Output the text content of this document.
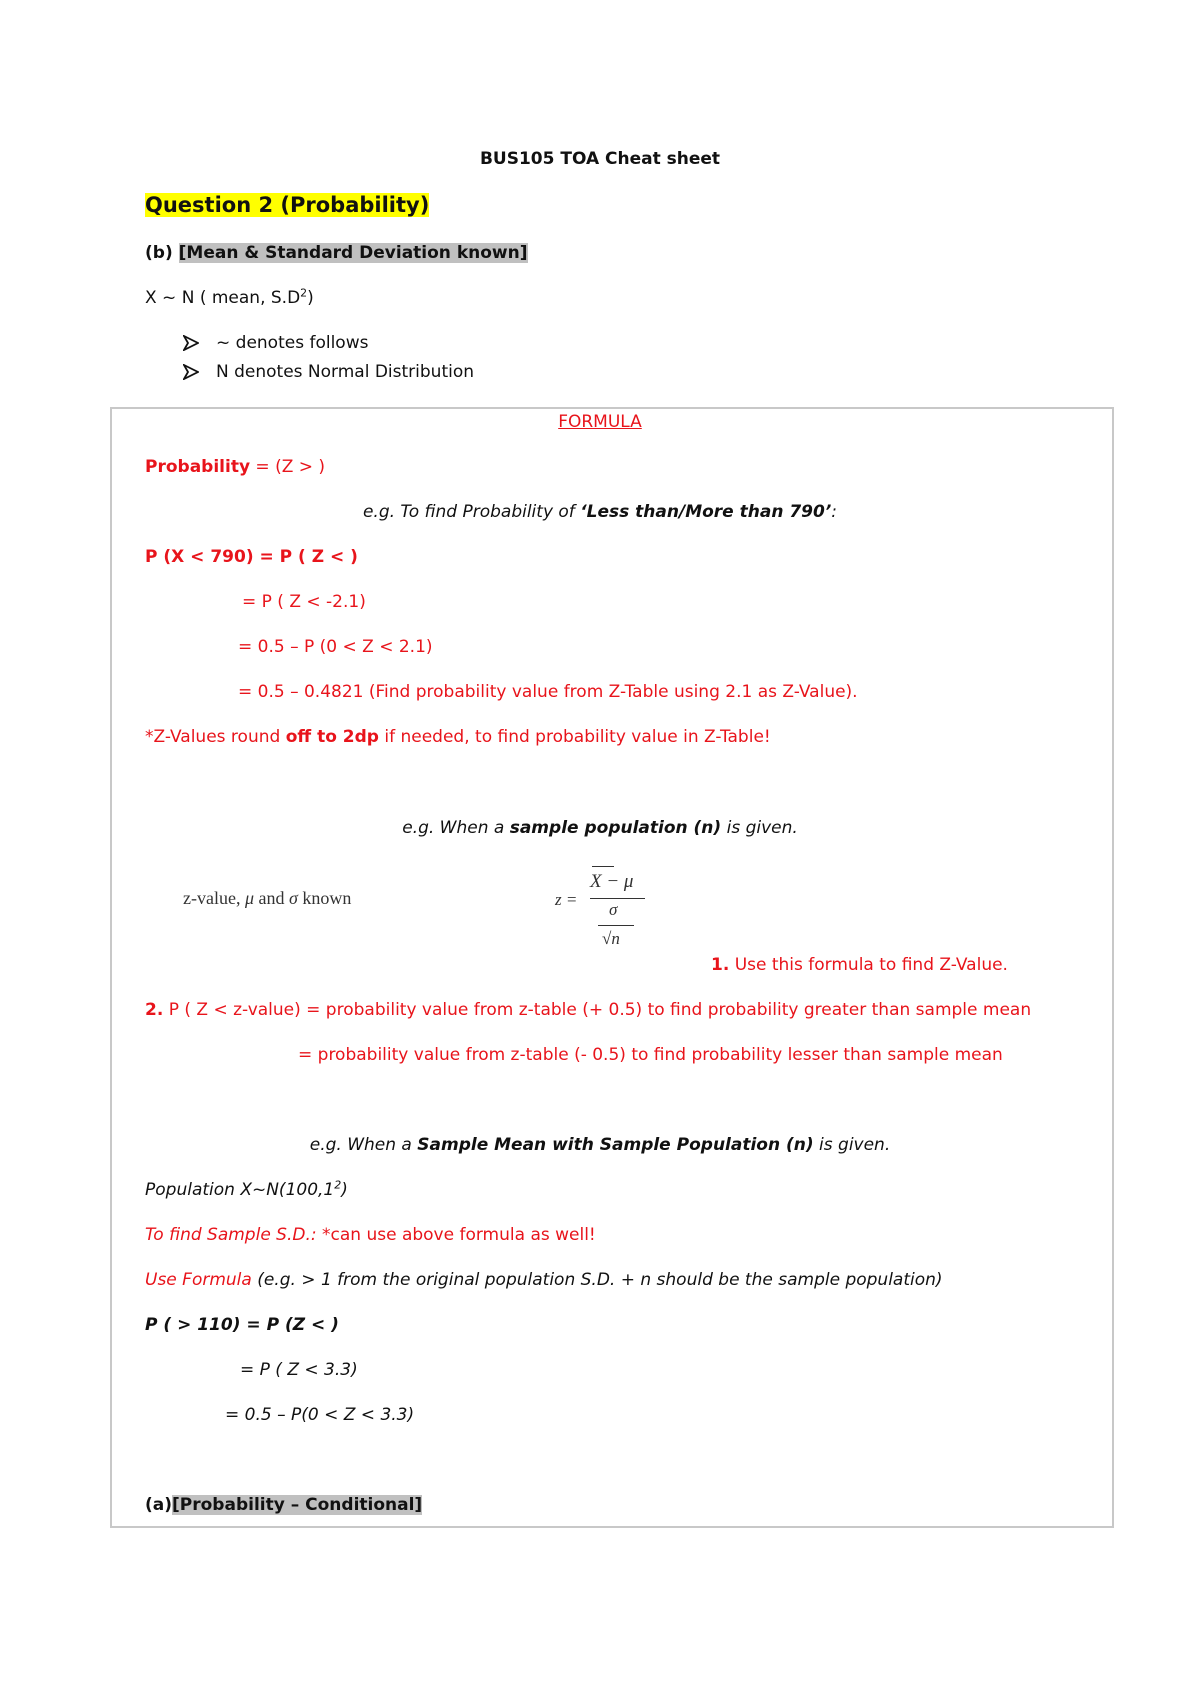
BUS105 TOA Cheat sheet
Question 2 (Probability)
(b) [Mean & Standard Deviation known]
X ~ N ( mean, $S.D^2$)
~ denotes follows
N denotes Normal Distribution
FORMULA
Probability = (Z > )
e.g. To find Probability of ‘Less than/More than 790’:
P (X < 790) = P ( Z < )
= P ( Z < -2.1)
= 0.5 – P (0 < Z < 2.1)
= 0.5 – 0.4821 (Find probability value from Z-Table using 2.1 as Z-Value).
*Z-Values round off to 2dp if needed, to find probability value in Z-Table!
e.g. When a sample population (n) is given.
z-value, μ and σ known	z =
X − μ
σ
√n
1. Use this formula to find Z-Value.
2. P ( Z < z-value) = probability value from z-table (+ 0.5) to find probability greater than sample mean
= probability value from z-table (- 0.5) to find probability lesser than sample mean
e.g. When a Sample Mean with Sample Population (n) is given.
Population X~N(100,1$^2$)
To find Sample S.D.: *can use above formula as well!
Use Formula (e.g. > 1 from the original population S.D. + n should be the sample population)
P ( > 110) = P (Z < )
= P ( Z < 3.3)
= 0.5 – P(0 < Z < 3.3)
(a)[Probability – Conditional]
